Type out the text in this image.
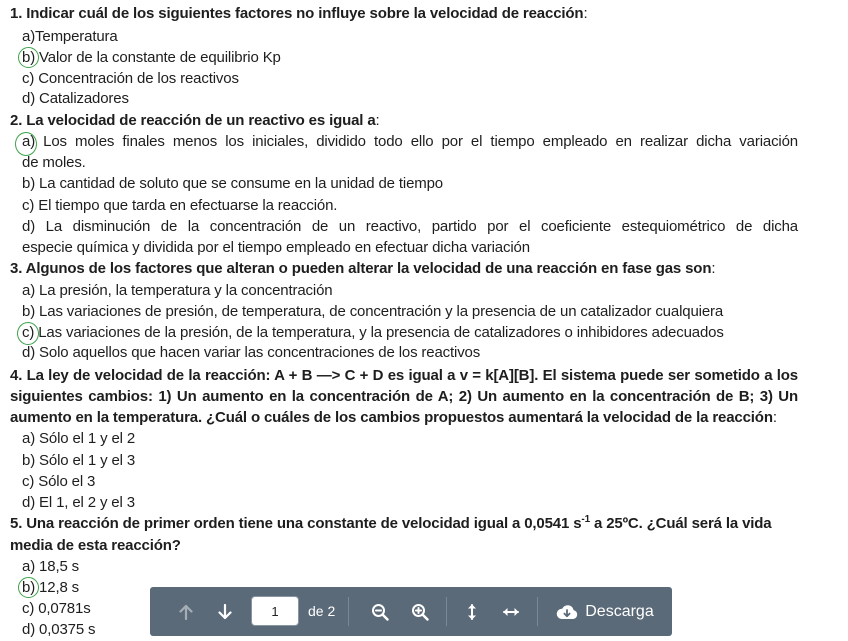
1. Indicar cuál de los siguientes factores no influye sobre la velocidad de reacción:
a)Temperatura
b) Valor de la constante de equilibrio Kp
c) Concentración de los reactivos
d) Catalizadores
2. La velocidad de reacción de un reactivo es igual a:
a) Los moles finales menos los iniciales, dividido todo ello por el tiempo empleado en realizar dicha variación
de moles.
b) La cantidad de soluto que se consume en la unidad de tiempo
c) El tiempo que tarda en efectuarse la reacción.
d) La disminución de la concentración de un reactivo, partido por el coeficiente estequiométrico de dicha
especie química y dividida por el tiempo empleado en efectuar dicha variación
3. Algunos de los factores que alteran o pueden alterar la velocidad de una reacción en fase gas son:
a) La presión, la temperatura y la concentración
b) Las variaciones de presión, de temperatura, de concentración y la presencia de un catalizador cualquiera
c) Las variaciones de la presión, de la temperatura, y la presencia de catalizadores o inhibidores adecuados
d) Solo aquellos que hacen variar las concentraciones de los reactivos
4. La ley de velocidad de la reacción: A + B —> C + D es igual a v = k[A][B]. El sistema puede ser sometido a los
siguientes cambios: 1) Un aumento en la concentración de A; 2) Un aumento en la concentración de B; 3) Un
aumento en la temperatura. ¿Cuál o cuáles de los cambios propuestos aumentará la velocidad de la reacción:
a) Sólo el 1 y el 2
b) Sólo el 1 y el 3
c) Sólo el 3
d) El 1, el 2 y el 3
5. Una reacción de primer orden tiene una constante de velocidad igual a 0,0541 $s^{-1}$ a 25ºC. ¿Cuál será la vida
media de esta reacción?
a) 18,5 s
b) 12,8 s
c) 0,0781s
d) 0,0375 s
1
de 2	Descarga
